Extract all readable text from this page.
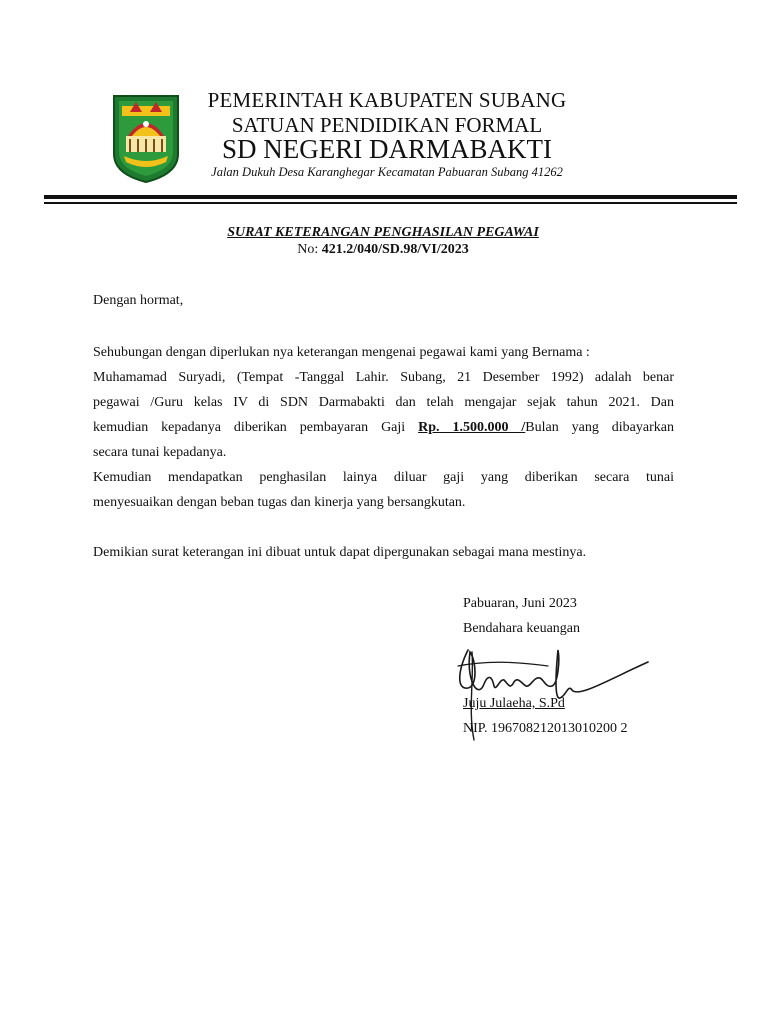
PEMERINTAH KABUPATEN SUBANG
SATUAN PENDIDIKAN FORMAL
SD NEGERI DARMABAKTI
Jalan Dukuh Desa Karanghegar Kecamatan Pabuaran Subang 41262
SURAT KETERANGAN PENGHASILAN PEGAWAI
No: 421.2/040/SD.98/VI/2023
Dengan hormat,
Sehubungan dengan diperlukan nya keterangan mengenai pegawai kami yang Bernama :
Muhamamad Suryadi, (Tempat -Tanggal Lahir. Subang, 21 Desember 1992) adalah benar
pegawai /Guru kelas IV di SDN Darmabakti dan telah mengajar sejak tahun 2021. Dan
kemudian kepadanya diberikan pembayaran Gaji Rp. 1.500.000 /Bulan yang dibayarkan
secara tunai kepadanya.
Kemudian mendapatkan penghasilan lainya diluar gaji yang diberikan secara tunai
menyesuaikan dengan beban tugas dan kinerja yang bersangkutan.
Demikian surat keterangan ini dibuat untuk dapat dipergunakan sebagai mana mestinya.
Pabuaran, Juni 2023
Bendahara keuangan
Juju Julaeha, S.Pd
NIP. 196708212013010200 2
